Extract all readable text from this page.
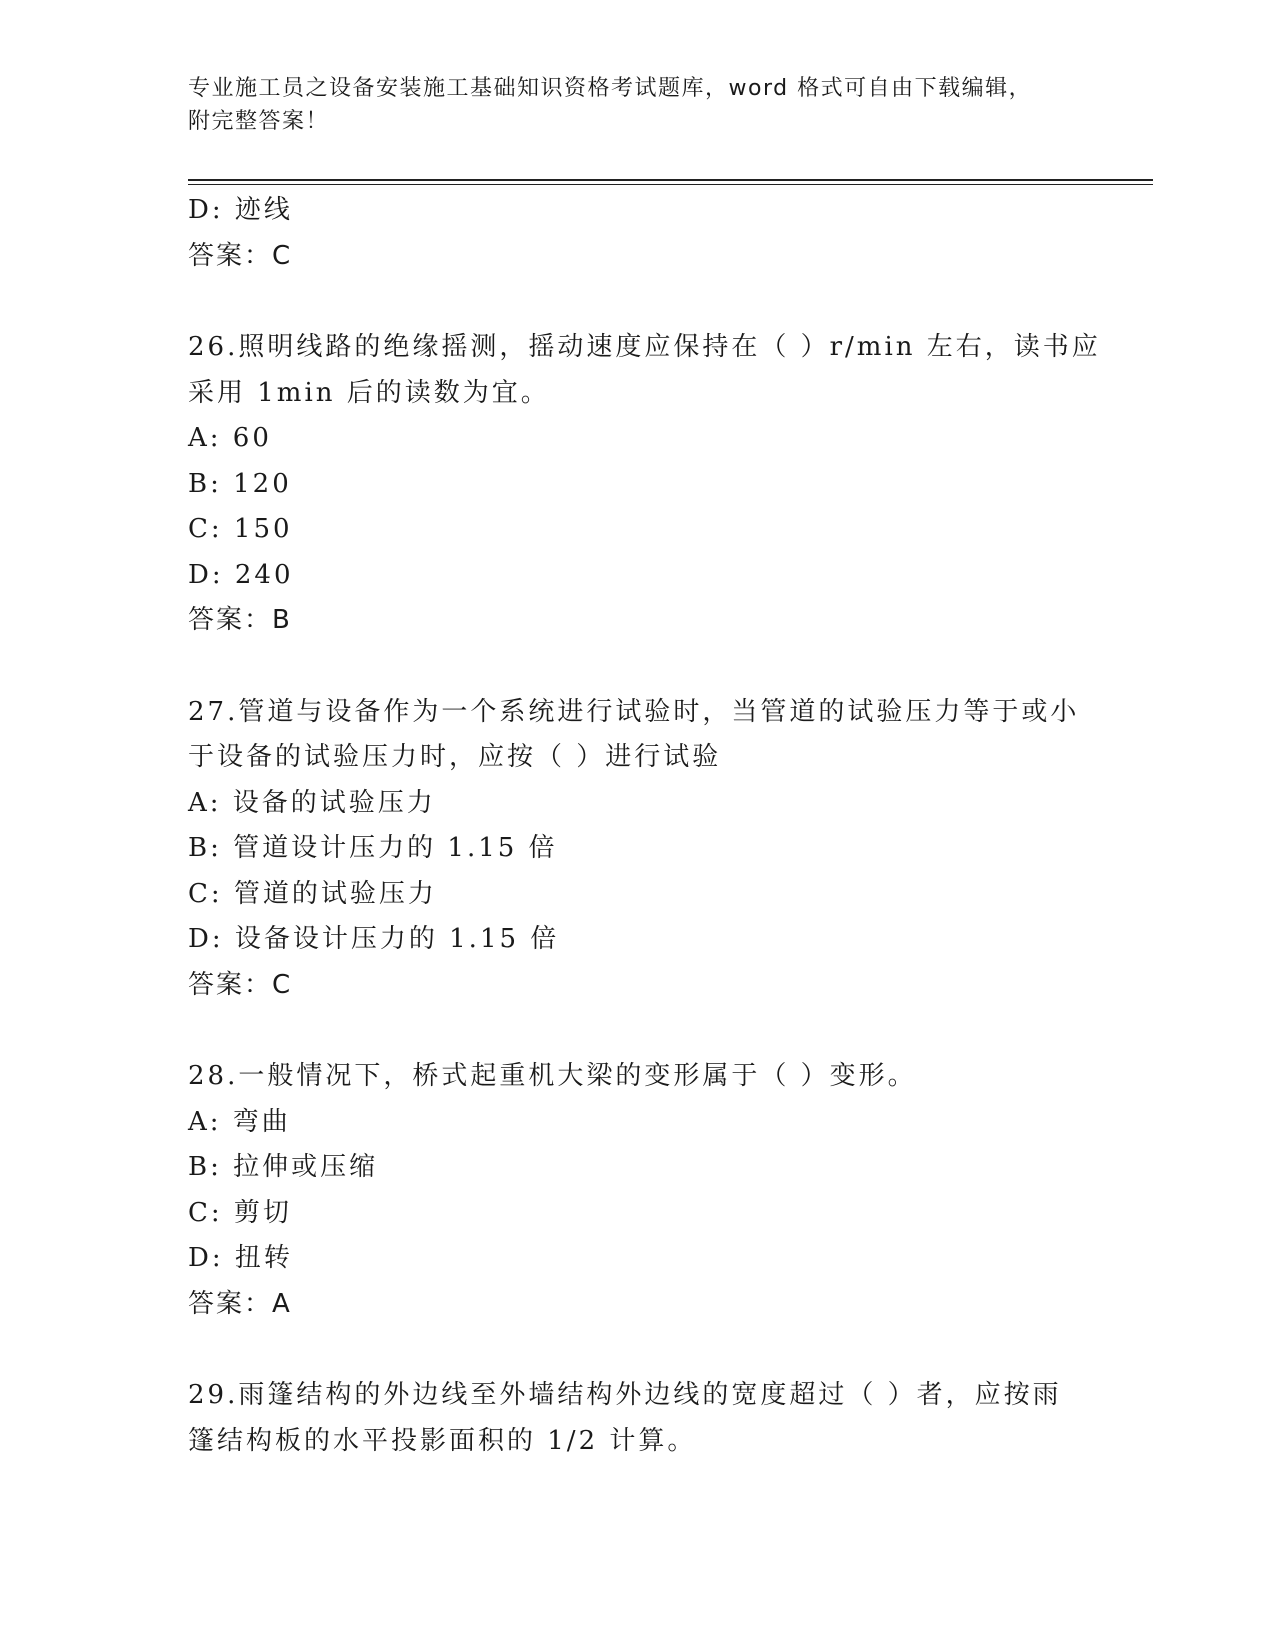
专业施工员之设备安装施工基础知识资格考试题库，word 格式可自由下载编辑，
附完整答案！
D: 迹线
答案：C
26.照明线路的绝缘摇测，摇动速度应保持在（ ）r/min 左右，读书应
采用 1min 后的读数为宜。
A: 60
B: 120
C: 150
D: 240
答案：B
27.管道与设备作为一个系统进行试验时，当管道的试验压力等于或小
于设备的试验压力时，应按（ ）进行试验
A: 设备的试验压力
B: 管道设计压力的 1.15 倍
C: 管道的试验压力
D: 设备设计压力的 1.15 倍
答案：C
28.一般情况下，桥式起重机大梁的变形属于（ ）变形。
A: 弯曲
B: 拉伸或压缩
C: 剪切
D: 扭转
答案：A
29.雨篷结构的外边线至外墙结构外边线的宽度超过（ ）者，应按雨
篷结构板的水平投影面积的 1/2 计算。
